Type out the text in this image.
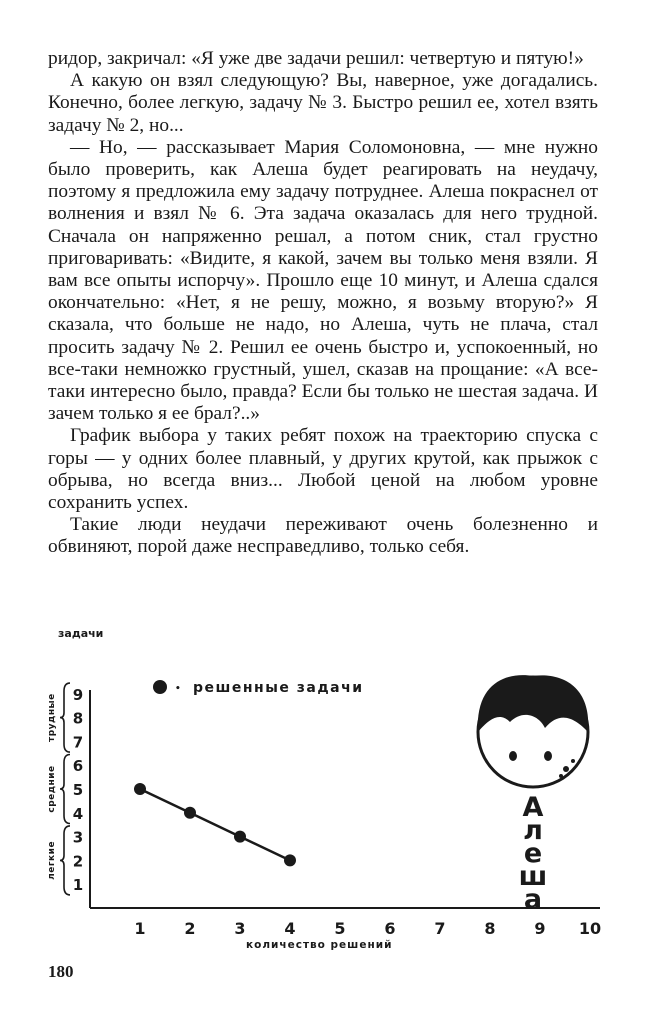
ридор, закричал: «Я уже две задачи решил: четвертую и пятую!»

А какую он взял следующую? Вы, наверное, уже догадались. Конечно, более легкую, задачу № 3. Быстро решил ее, хотел взять задачу № 2, но...

— Но, — рассказывает Мария Соломоновна, — мне нужно было проверить, как Алеша будет реагировать на неудачу, поэтому я предложила ему задачу потруднее. Алеша покраснел от волнения и взял № 6. Эта задача оказалась для него трудной. Сначала он напряженно решал, а потом сник, стал грустно приговаривать: «Видите, я какой, зачем вы только меня взяли. Я вам все опыты испорчу». Прошло еще 10 минут, и Алеша сдался окончательно: «Нет, я не решу, можно, я возьму вторую?» Я сказала, что больше не надо, но Алеша, чуть не плача, стал просить задачу № 2. Решил ее очень быстро и, успокоенный, но все-таки немножко грустный, ушел, сказав на прощание: «А все-таки интересно было, правда? Если бы только не шестая задача. И зачем только я ее брал?..»

График выбора у таких ребят похож на траекторию спуска с горы — у одних более плавный, у других крутой, как прыжок с обрыва, но всегда вниз... Любой ценой на любом уровне сохранить успех.

Такие люди неудачи переживают очень болезненно и обвиняют, порой даже несправедливо, только себя.

задачи
• решенные задачи
1
2
3
4
5
6
7
8
9
1 2 3 4 5 6 7 8 9 10
легкие
средние
трудные
количество решений
А
л
е
ш
а
180
